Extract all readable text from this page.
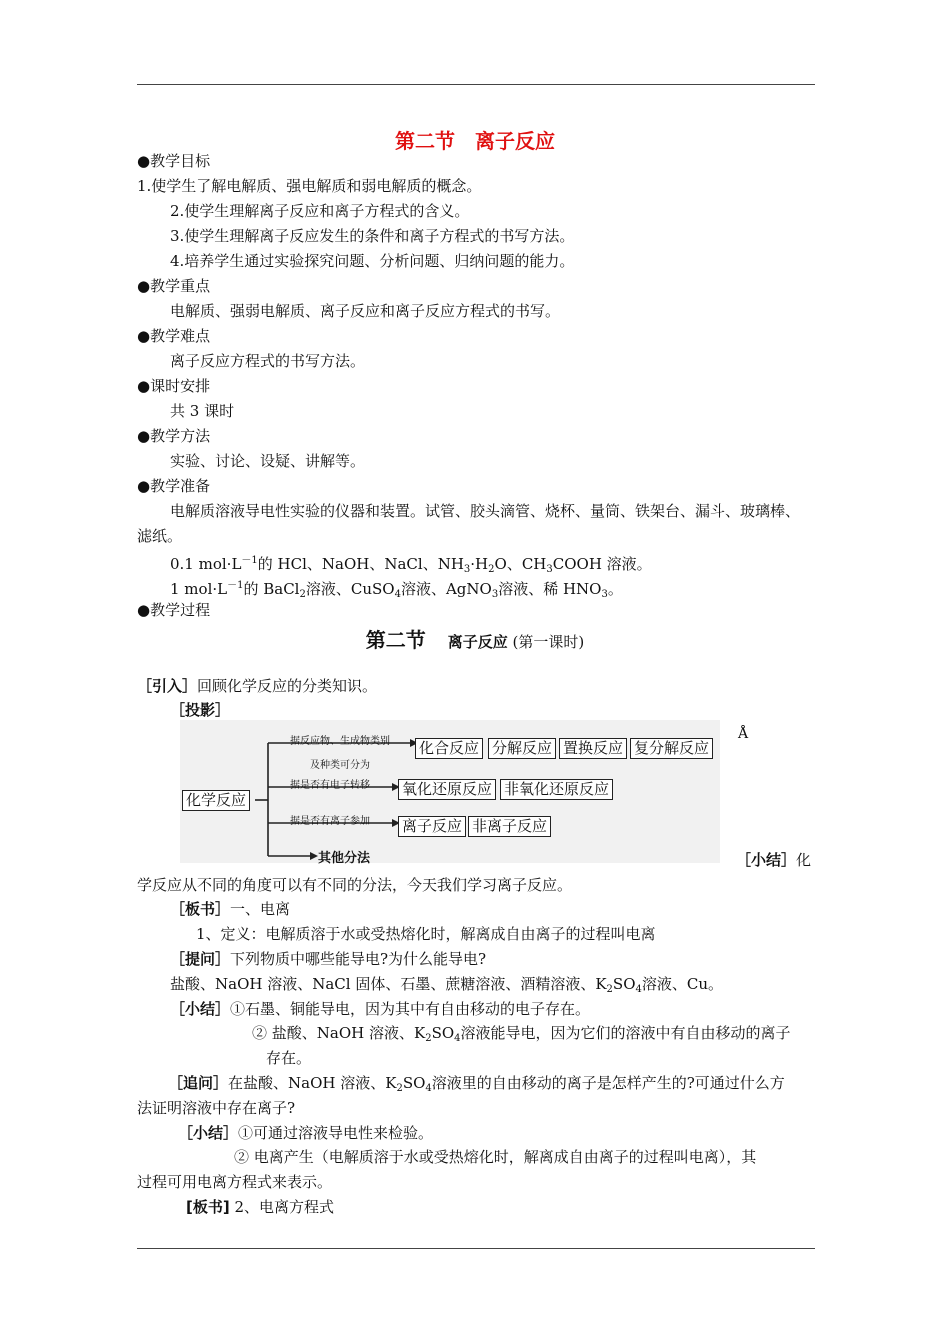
第二节　离子反应
●教学目标
1.使学生了解电解质、强电解质和弱电解质的概念。
2.使学生理解离子反应和离子方程式的含义。
3.使学生理解离子反应发生的条件和离子方程式的书写方法。
4.培养学生通过实验探究问题、分析问题、归纳问题的能力。
●教学重点
电解质、强弱电解质、离子反应和离子反应方程式的书写。
●教学难点
离子反应方程式的书写方法。
●课时安排
共 3 课时
●教学方法
实验、讨论、设疑、讲解等。
●教学准备
电解质溶液导电性实验的仪器和装置。试管、胶头滴管、烧杯、量筒、铁架台、漏斗、玻璃棒、
滤纸。
0.1 $mol\cdot L^{-1}$的 HCl、NaOH、NaCl、$NH_3\cdot H_2O$、$CH_3COOH$ 溶液。
1 $mol\cdot L^{-1}$的 BaCl$_2$溶液、CuSO$_4$溶液、AgNO$_3$溶液、稀 $HNO_3$。
●教学过程
第二节 离子反应 (第一课时)
［引入］回顾化学反应的分类知识。
［投影］
化学反应
据反应物、生成物类别
及种类可分为
据是否有电子转移
据是否有离子参加
化合反应 分解反应 置换反应 复分解反应
氧化还原反应 非氧化还原反应
离子反应 非离子反应
其他分法
Å
［小结］化
学反应从不同的角度可以有不同的分法，今天我们学习离子反应。
［板书］一、电离
1、定义：电解质溶于水或受热熔化时，解离成自由离子的过程叫电离
［提问］下列物质中哪些能导电?为什么能导电?
盐酸、NaOH 溶液、NaCl 固体、石墨、蔗糖溶液、酒精溶液、$K_2SO_4$溶液、Cu。
［小结］①石墨、铜能导电，因为其中有自由移动的电子存在。
② 盐酸、NaOH 溶液、$K_2SO_4$溶液能导电，因为它们的溶液中有自由移动的离子
存在。
［追问］在盐酸、NaOH 溶液、$K_2SO_4$溶液里的自由移动的离子是怎样产生的?可通过什么方
法证明溶液中存在离子?
［小结］①可通过溶液导电性来检验。
② 电离产生（电解质溶于水或受热熔化时，解离成自由离子的过程叫电离），其
过程可用电离方程式来表示。
[板书] 2、电离方程式
